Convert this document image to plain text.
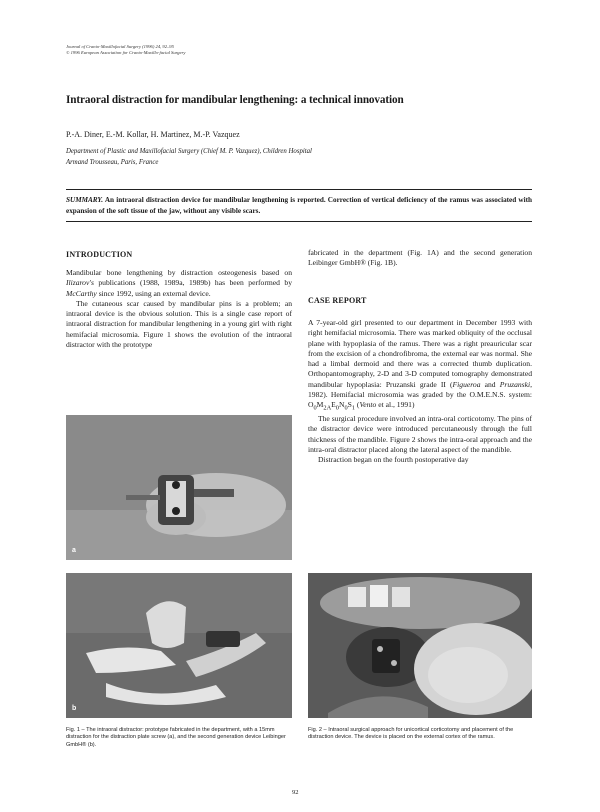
Journal of Cranio-Maxillofacial Surgery (1996) 24, 92–95
© 1996 European Association for Cranio-Maxillo-facial Surgery
Intraoral distraction for mandibular lengthening: a technical innovation
P.-A. Diner, E.-M. Kollar, H. Martinez, M.-P. Vazquez
Department of Plastic and Maxillofacial Surgery (Chief M. P. Vazquez), Children Hospital
Armand Trousseau, Paris, France
SUMMARY. An intraoral distraction device for mandibular lengthening is reported. Correction of vertical deficiency of the ramus was associated with expansion of the soft tissue of the jaw, without any visible scars.
INTRODUCTION

Mandibular bone lengthening by distraction osteogenesis based on Ilizarov's publications (1988, 1989a, 1989b) has been performed by McCarthy since 1992, using an external device.

The cutaneous scar caused by mandibular pins is a problem; an intraoral device is the obvious solution. This is a single case report of intraoral distraction for mandibular lengthening in a young girl with right hemifacial microsomia. Figure 1 shows the evolution of the intraoral distractor with the prototype

a
b
Fig. 1 – The intraoral distractor: prototype fabricated in the department, with a 15mm distraction for the distraction plate screw (a), and the second generation device Leibinger GmbH® (b).
fabricated in the department (Fig. 1A) and the second generation Leibinger GmbH® (Fig. 1B).
CASE REPORT

A 7-year-old girl presented to our department in December 1993 with right hemifacial microsomia. There was marked obliquity of the occlusal plane with hypoplasia of the ramus. There was a right preauricular scar from the excision of a chondrofibroma, the external ear was normal. She had a limbal dermoid and there was a corrected thumb duplication. Orthopantomography, 2-D and 3-D computed tomography demonstrated mandibular hypoplasia: Pruzanski grade II (Figueroa and Pruzanski, 1982). Hemifacial microsomia was graded by the O.M.E.N.S. system: $O_0M_{2A}E_0N_0S_1$ (Vento et al., 1991)

The surgical procedure involved an intra-oral corticotomy. The pins of the distractor device were introduced percutaneously through the full thickness of the mandible. Figure 2 shows the intra-oral approach and the intra-oral distractor placed along the lateral aspect of the mandible.

Distraction began on the fourth postoperative day

Fig. 2 – Intraoral surgical approach for unicortical corticotomy and placement of the distraction device. The device is placed on the external cortex of the ramus.
92
